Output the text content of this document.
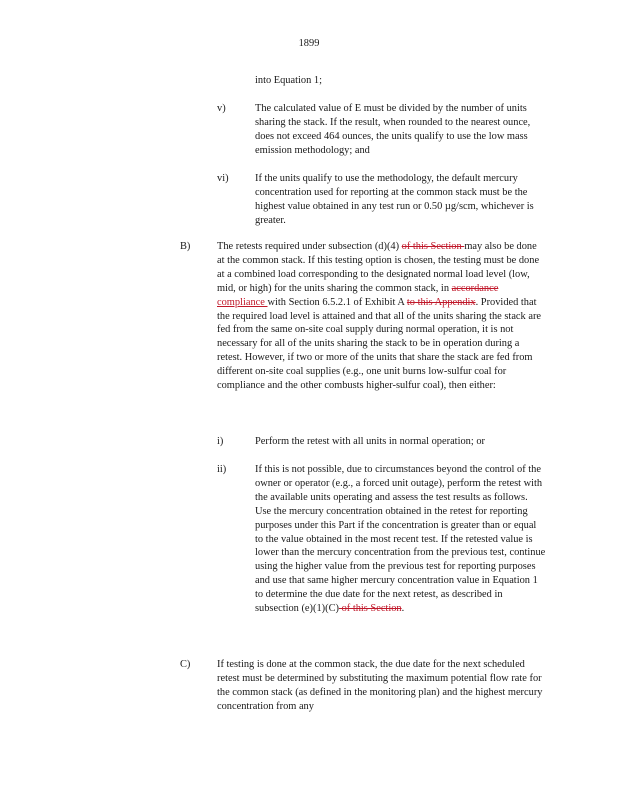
1899
into Equation 1;
v)	The calculated value of E must be divided by the number of units sharing the stack. If the result, when rounded to the nearest ounce, does not exceed 464 ounces, the units qualify to use the low mass emission methodology; and
vi)	If the units qualify to use the methodology, the default mercury concentration used for reporting at the common stack must be the highest value obtained in any test run or 0.50 µg/scm, whichever is greater.
B)	The retests required under subsection (d)(4) of this Section may also be done at the common stack. If this testing option is chosen, the testing must be done at a combined load corresponding to the designated normal load level (low, mid, or high) for the units sharing the common stack, in accordance compliance with Section 6.5.2.1 of Exhibit A to this Appendix. Provided that the required load level is attained and that all of the units sharing the stack are fed from the same on-site coal supply during normal operation, it is not necessary for all of the units sharing the stack to be in operation during a retest. However, if two or more of the units that share the stack are fed from different on-site coal supplies (e.g., one unit burns low-sulfur coal for compliance and the other combusts higher-sulfur coal), then either:
i)	Perform the retest with all units in normal operation; or
ii)	If this is not possible, due to circumstances beyond the control of the owner or operator (e.g., a forced unit outage), perform the retest with the available units operating and assess the test results as follows. Use the mercury concentration obtained in the retest for reporting purposes under this Part if the concentration is greater than or equal to the value obtained in the most recent test. If the retested value is lower than the mercury concentration from the previous test, continue using the higher value from the previous test for reporting purposes and use that same higher mercury concentration value in Equation 1 to determine the due date for the next retest, as described in subsection (e)(1)(C) of this Section.
C)	If testing is done at the common stack, the due date for the next scheduled retest must be determined by substituting the maximum potential flow rate for the common stack (as defined in the monitoring plan) and the highest mercury concentration from any
